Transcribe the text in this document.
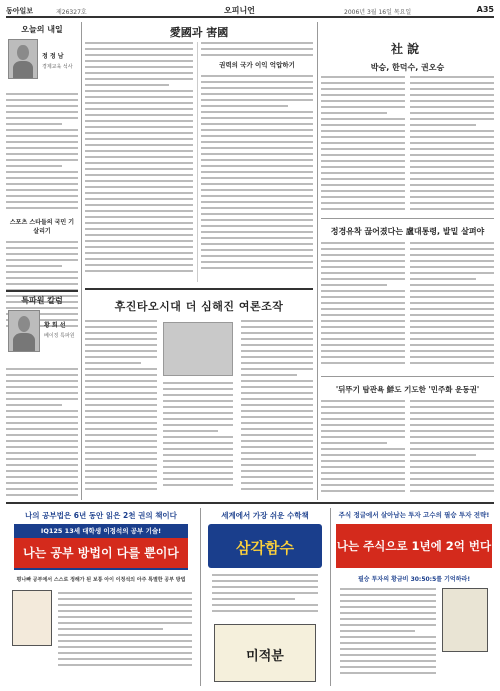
동아일보	제26327호	오피니언	2006년 3월 16일 목요일	A35
오늘의 내일
정 정 남
경제교육 석사
스포츠 스타들의 국민 기 살리기
특파원 칼럼
황 희 선
베이징 특파원
愛國과 害國
권력의 국가 이익 억압하기
후진타오시대 더 심해진 여론조작
社 說
박승, 한덕수, 권오승
정경유착 끊어졌다는 盧대통령, 발밑 살펴야
'뒤뚜기 탐관욕 鮮도 기도한 '민주화 운동권'
나의 공부법은 6년 동안 읽은 2천 권의 책이다
IQ125 13세 대학생 이정석의 공부 기술!
나는 공부 방법이 다를 뿐이다
평나빠 공부에서 스스로 정해가 된 보통 아이 이정석의 아주 특별한 공부 방법
세계에서 가장 쉬운 수학책
삼각함수
미적분
주식 정글에서 살아남는 투자 고수의 필승 투자 전략!
나는 주식으로 1년에 2억 번다
필승 투자의 황금비 30:50:5를 기억하라!
